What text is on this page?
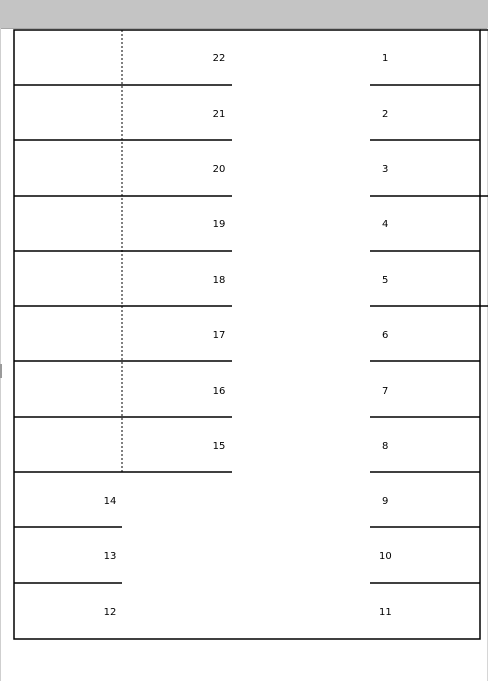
22
21
20
19
18
17
16
15
14
13
12
1
2
3
4
5
6
7
8
9
10
11
